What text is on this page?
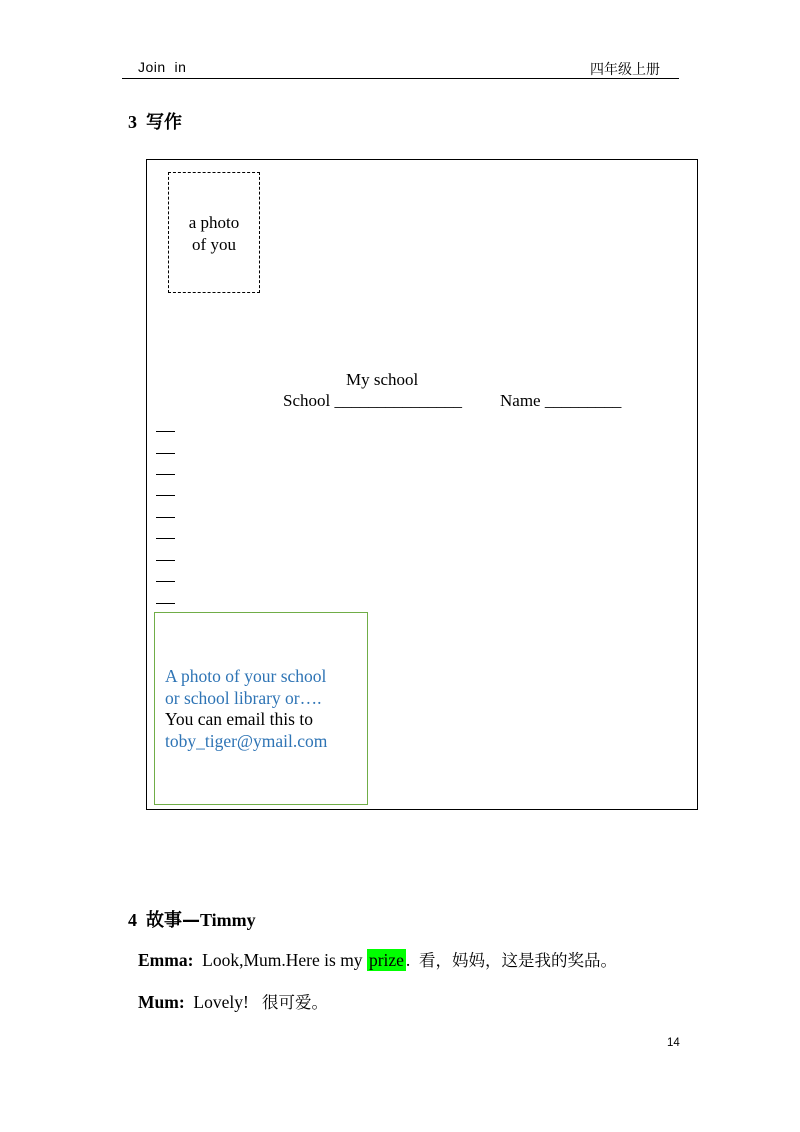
Join  in	四年级上册
3 写作
a photo
of you
My school
School _______________ Name _________
A photo of your school
or school library or….
You can email this to
toby_tiger@ymail.com
4 故事—Timmy
Emma: Look,Mum.Here is my prize . 看，妈妈，这是我的奖品。
Mum: Lovely! 很可爱。
14
